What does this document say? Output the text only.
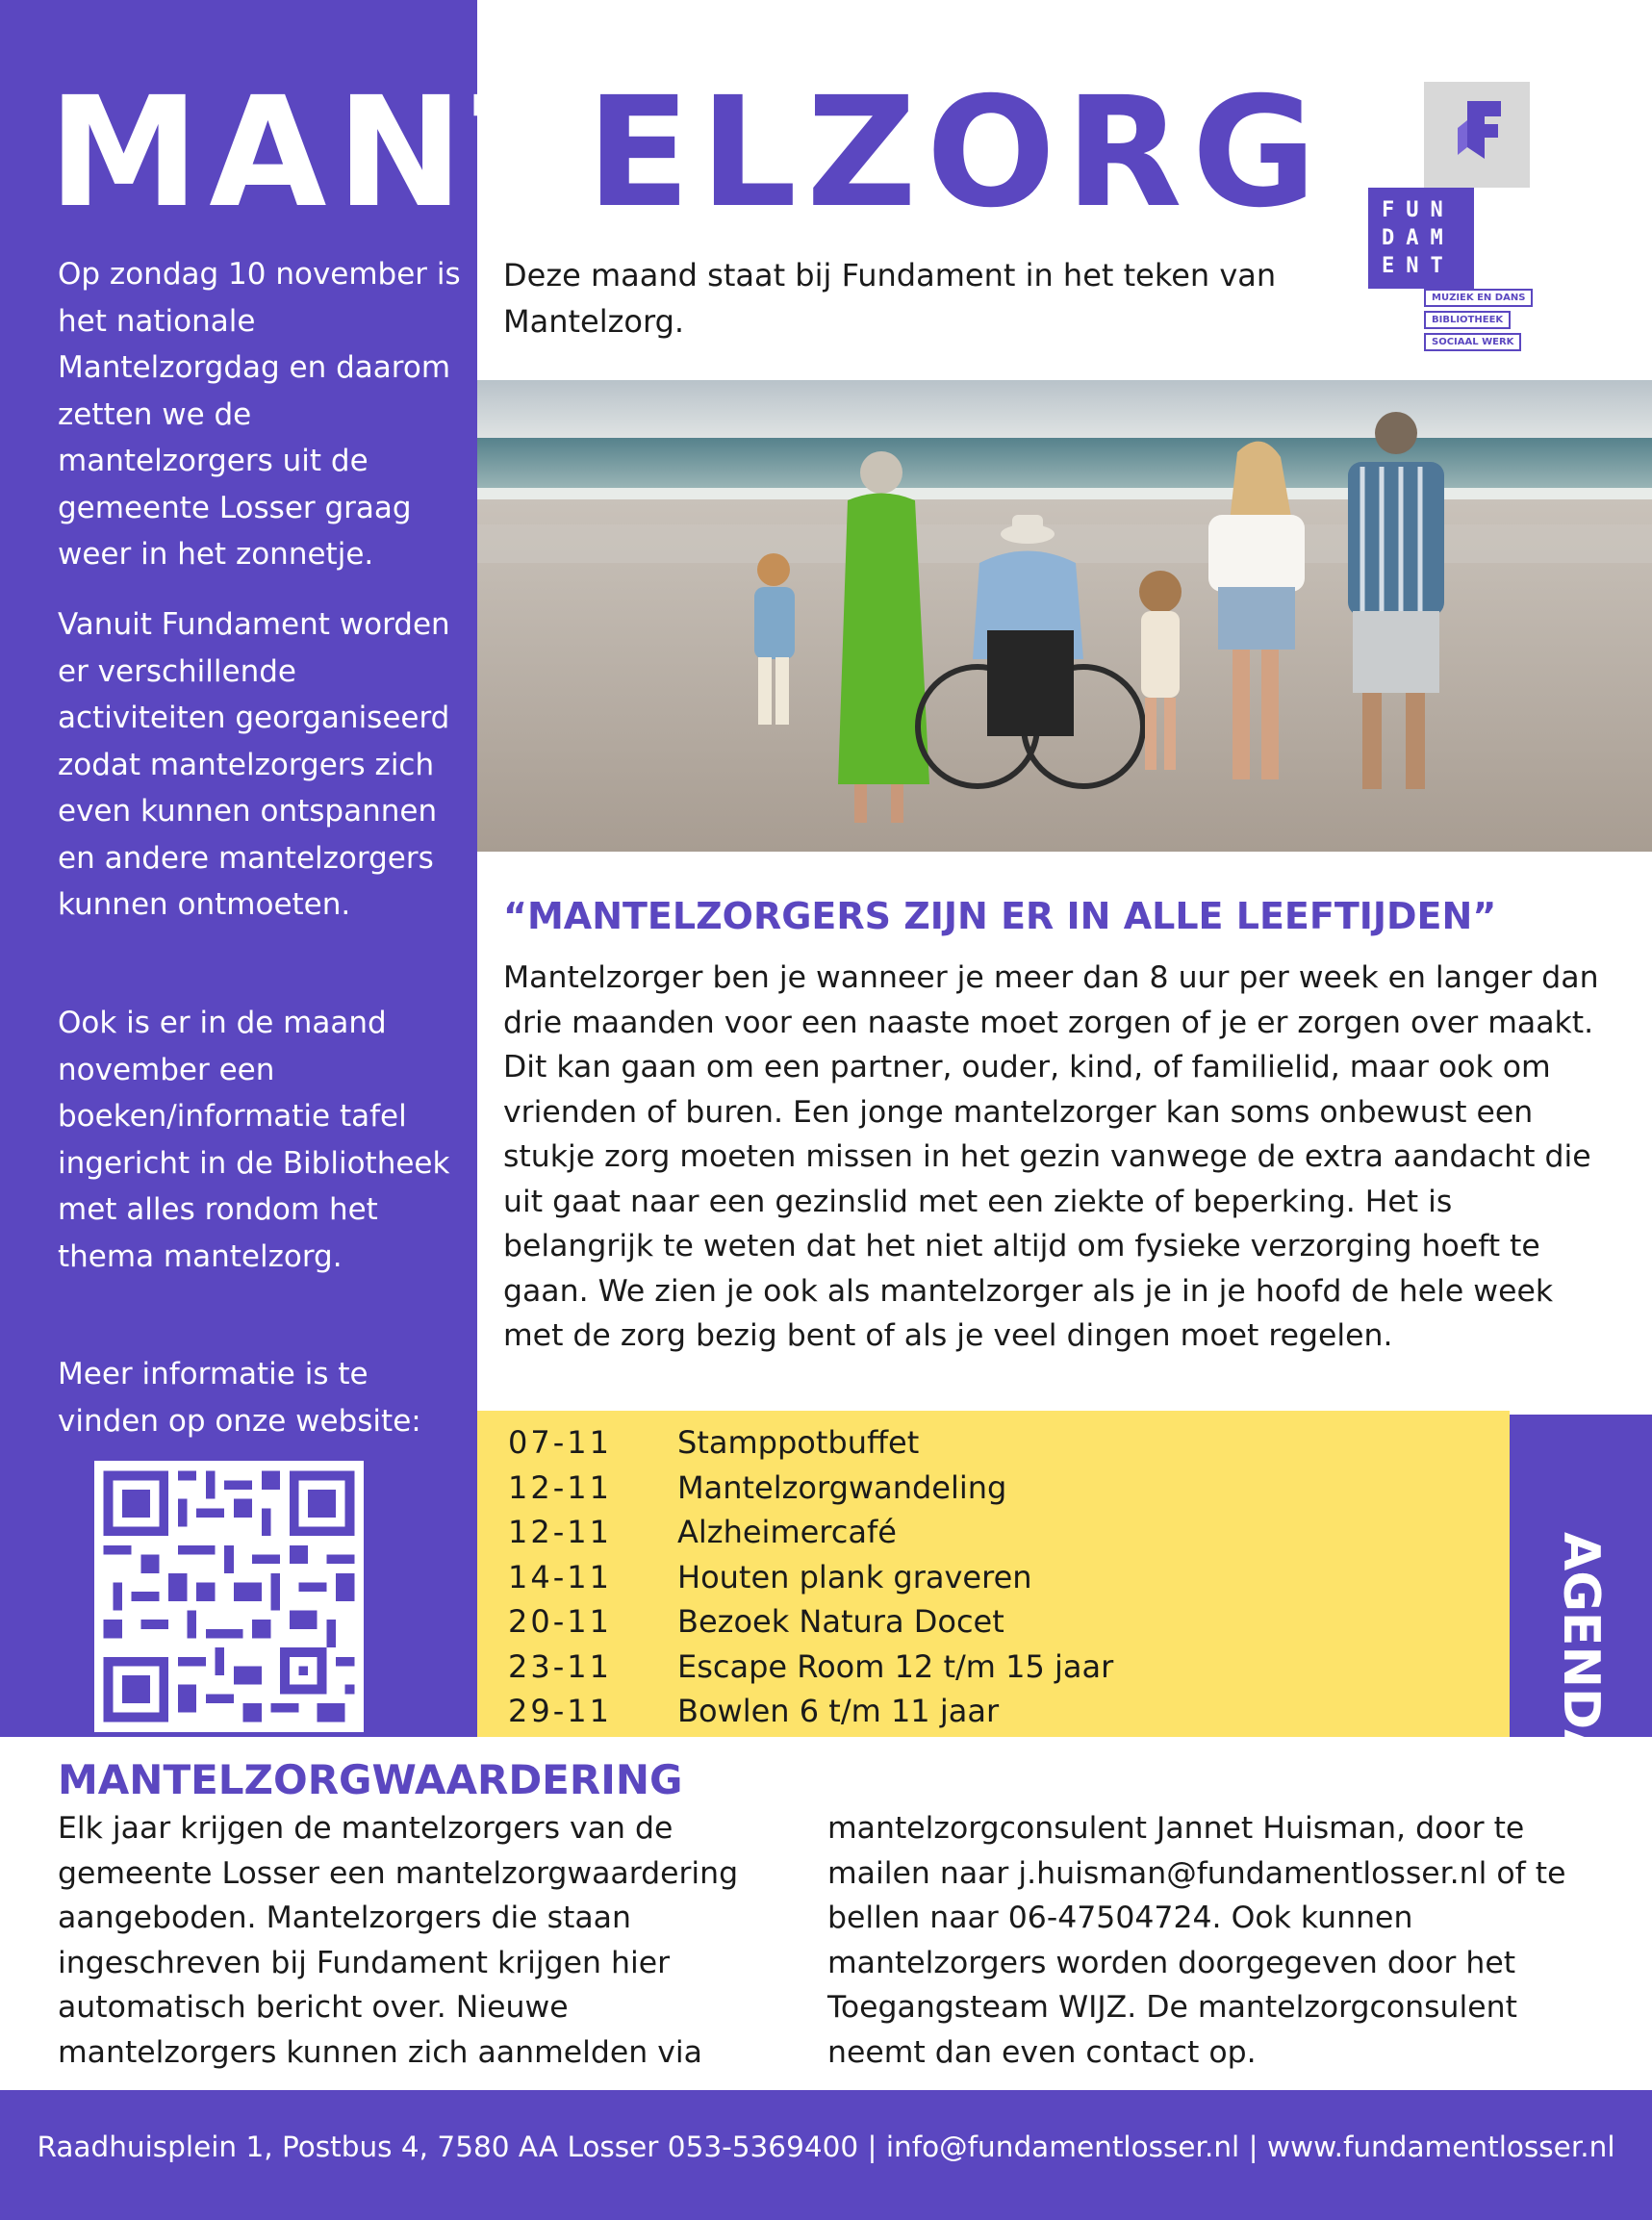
MANTELZORG
Op zondag 10 november is het nationale Mantelzorgdag en daarom zetten we de mantelzorgers uit de gemeente Losser graag weer in het zonnetje.
Vanuit Fundament worden er verschillende activiteiten georganiseerd zodat mantelzorgers zich even kunnen ontspannen en andere mantelzorgers kunnen ontmoeten.
Ook is er in de maand november een boeken/informatie tafel ingericht in de Bibliotheek met alles rondom het thema mantelzorg.
Meer informatie is te vinden op onze website:
Deze maand staat bij Fundament in het teken van Mantelzorg.
FUN
DAM
ENT
MUZIEK EN DANS
BIBLIOTHEEK
SOCIAAL WERK
“MANTELZORGERS ZIJN ER IN ALLE LEEFTIJDEN”
Mantelzorger ben je wanneer je meer dan 8 uur per week en langer dan drie maanden voor een naaste moet zorgen of je er zorgen over maakt. Dit kan gaan om een partner, ouder, kind, of familielid, maar ook om vrienden of buren. Een jonge mantelzorger kan soms onbewust een stukje zorg moeten missen in het gezin vanwege de extra aandacht die uit gaat naar een gezinslid met een ziekte of beperking. Het is belangrijk te weten dat het niet altijd om fysieke verzorging hoeft te gaan. We zien je ook als mantelzorger als je in je hoofd de hele week met de zorg bezig bent of als je veel dingen moet regelen.
07-11	Stamppotbuffet
12-11	Mantelzorgwandeling
12-11	Alzheimercafé
14-11	Houten plank graveren
20-11	Bezoek Natura Docet
23-11	Escape Room 12 t/m 15 jaar
29-11	Bowlen 6 t/m 11 jaar	AGENDA
MANTELZORGWAARDERING
Elk jaar krijgen de mantelzorgers van de gemeente Losser een mantelzorgwaardering aangeboden. Mantelzorgers die staan ingeschreven bij Fundament krijgen hier automatisch bericht over. Nieuwe mantelzorgers kunnen zich aanmelden via
mantelzorgconsulent Jannet Huisman, door te mailen naar j.huisman@fundamentlosser.nl of te bellen naar 06-47504724. Ook kunnen mantelzorgers worden doorgegeven door het Toegangsteam WIJZ. De mantelzorgconsulent neemt dan even contact op.
Raadhuisplein 1, Postbus 4, 7580 AA Losser 053-5369400 | info@fundamentlosser.nl | www.fundamentlosser.nl
